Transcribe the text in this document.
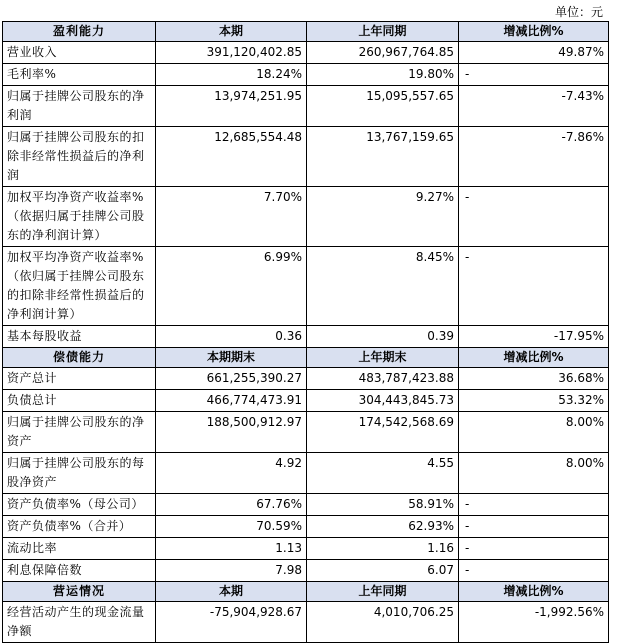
单位：元
盈利能力	本期	上年同期	增减比例%
营业收入	391,120,402.85	260,967,764.85	49.87%
毛利率%	18.24%	19.80%	-
归属于挂牌公司股东的净利润	13,974,251.95	15,095,557.65	-7.43%
归属于挂牌公司股东的扣除非经常性损益后的净利润	12,685,554.48	13,767,159.65	-7.86%
加权平均净资产收益率%（依据归属于挂牌公司股东的净利润计算）	7.70%	9.27%	-
加权平均净资产收益率%（依归属于挂牌公司股东的扣除非经常性损益后的净利润计算）	6.99%	8.45%	-
基本每股收益	0.36	0.39	-17.95%
偿债能力	本期期末	上年期末	增减比例%
资产总计	661,255,390.27	483,787,423.88	36.68%
负债总计	466,774,473.91	304,443,845.73	53.32%
归属于挂牌公司股东的净资产	188,500,912.97	174,542,568.69	8.00%
归属于挂牌公司股东的每股净资产	4.92	4.55	8.00%
资产负债率%（母公司）	67.76%	58.91%	-
资产负债率%（合并）	70.59%	62.93%	-
流动比率	1.13	1.16	-
利息保障倍数	7.98	6.07	-
营运情况	本期	上年同期	增减比例%
经营活动产生的现金流量净额	-75,904,928.67	4,010,706.25	-1,992.56%
